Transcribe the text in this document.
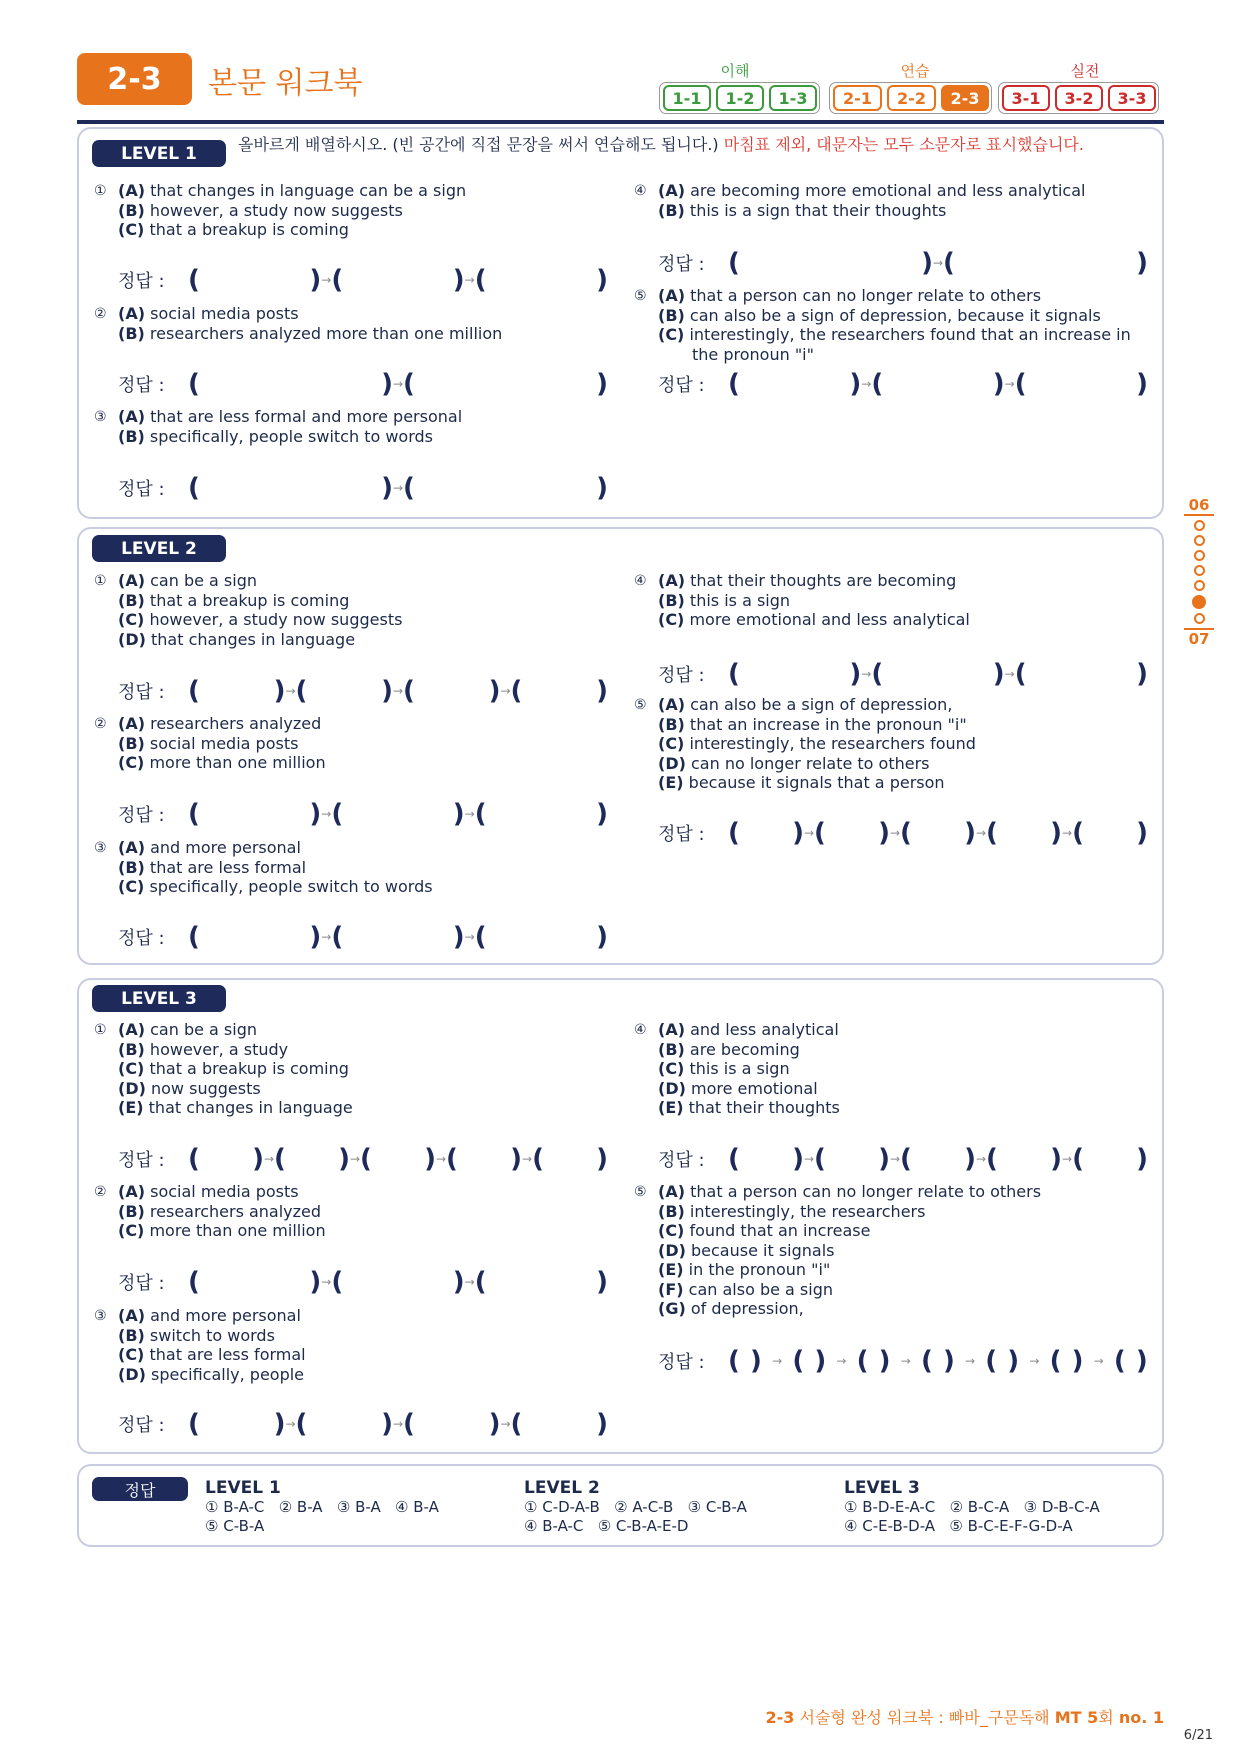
2-3	본문 워크북	이해	연습	실전
1-1	1-2	1-3	2-1	2-2	2-3	3-1	3-2	3-3
LEVEL 1	올바르게 배열하시오. (빈 공간에 직접 문장을 써서 연습해도 됩니다.) 마침표 제외, 대문자는 모두 소문자로 표시했습니다.
① (A) that changes in language can be a sign
(B) however, a study now suggests
(C) that a breakup is coming
정답 : (	) → (	) → (	)
② (A) social media posts
(B) researchers analyzed more than one million
정답 : (	) → (	)
③ (A) that are less formal and more personal
(B) specifically, people switch to words
정답 : (	) → (	)
④ (A) are becoming more emotional and less analytical
(B) this is a sign that their thoughts
정답 : (	) → (	)
⑤ (A) that a person can no longer relate to others
(B) can also be a sign of depression, because it signals
(C) interestingly, the researchers found that an increase in
the pronoun "i"
정답 : (	) → (	) → (	)
LEVEL 2
① (A) can be a sign
(B) that a breakup is coming
(C) however, a study now suggests
(D) that changes in language
정답 : (	) → (	) → (	) → (	)
② (A) researchers analyzed
(B) social media posts
(C) more than one million
정답 : (	) → (	) → (	)
③ (A) and more personal
(B) that are less formal
(C) specifically, people switch to words
정답 : (	) → (	) → (	)
④ (A) that their thoughts are becoming
(B) this is a sign
(C) more emotional and less analytical
정답 : (	) → (	) → (	)
⑤ (A) can also be a sign of depression,
(B) that an increase in the pronoun "i"
(C) interestingly, the researchers found
(D) can no longer relate to others
(E) because it signals that a person
정답 : ( ) → ( ) → ( ) → ( ) → ( )
LEVEL 3
① (A) can be a sign
(B) however, a study
(C) that a breakup is coming
(D) now suggests
(E) that changes in language
정답 : ( ) → ( ) → ( ) → ( ) → ( )
② (A) social media posts
(B) researchers analyzed
(C) more than one million
정답 : (	) → (	) → (	)
③ (A) and more personal
(B) switch to words
(C) that are less formal
(D) specifically, people
정답 : (	) → (	) → (	) → (	)
④ (A) and less analytical
(B) are becoming
(C) this is a sign
(D) more emotional
(E) that their thoughts
정답 : ( ) → ( ) → ( ) → ( ) → ( )
⑤ (A) that a person can no longer relate to others
(B) interestingly, the researchers
(C) found that an increase
(D) because it signals
(E) in the pronoun "i"
(F) can also be a sign
(G) of depression,
정답 : ( ) → ( ) → ( ) → ( ) → ( ) → ( ) → ( )
06
07
정답	LEVEL 1
① B-A-C   ② B-A   ③ B-A   ④ B-A
⑤ C-B-A
LEVEL 2
① C-D-A-B   ② A-C-B   ③ C-B-A
④ B-A-C   ⑤ C-B-A-E-D
LEVEL 3
① B-D-E-A-C   ② B-C-A   ③ D-B-C-A
④ C-E-B-D-A   ⑤ B-C-E-F-G-D-A
2-3 서술형 완성 워크북 : 빠바_구문독해 MT 5회 no. 1
6/21
